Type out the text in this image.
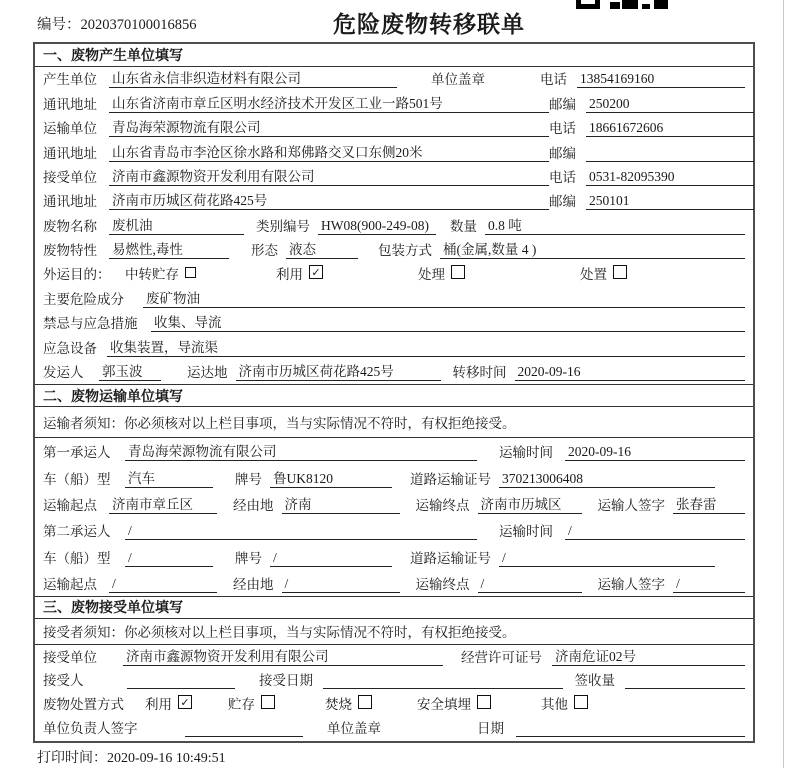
编号：2020370100016856	危险废物转移联单
一、废物产生单位填写
产生单位 山东省永信非织造材料有限公司	单位盖章	电话 13854169160
通讯地址 山东省济南市章丘区明水经济技术开发区工业一路501号	邮编 250200
运输单位 青岛海荣源物流有限公司	电话 18661672606
通讯地址 山东省青岛市李沧区徐水路和郑佛路交叉口东侧20米	邮编
接受单位 济南市鑫源物资开发利用有限公司	电话 0531-82095390
通讯地址 济南市历城区荷花路425号	邮编 250101
废物名称 废机油	类别编号 HW08(900-249-08)	数量 0.8 吨
废物特性 易燃性,毒性	形态 液态	包装方式 桶(金属,数量 4 )
外运目的：	中转贮存	利用 ✓	处理	处置
主要危险成分 废矿物油
禁忌与应急措施 收集、导流
应急设备 收集装置，导流渠
发运人 郭玉波	运达地 济南市历城区荷花路425号	转移时间 2020-09-16
二、废物运输单位填写
运输者须知：你必须核对以上栏目事项，当与实际情况不符时，有权拒绝接受。
第一承运人 青岛海荣源物流有限公司	运输时间 2020-09-16
车（船）型 汽车	牌号 鲁UK8120	道路运输证号 370213006408
运输起点 济南市章丘区	经由地 济南	运输终点 济南市历城区	运输人签字 张春雷
第二承运人 /	运输时间 /
车（船）型 /	牌号 /	道路运输证号 /
运输起点 /	经由地 /	运输终点 /	运输人签字 /
三、废物接受单位填写
接受者须知：你必须核对以上栏目事项，当与实际情况不符时，有权拒绝接受。
接受单位 济南市鑫源物资开发利用有限公司	经营许可证号 济南危证02号
接受人	接受日期	签收量
废物处置方式 利用 ✓	贮存	焚烧	安全填埋	其他
单位负责人签字	单位盖章	日期
打印时间：2020-09-16 10:49:51
